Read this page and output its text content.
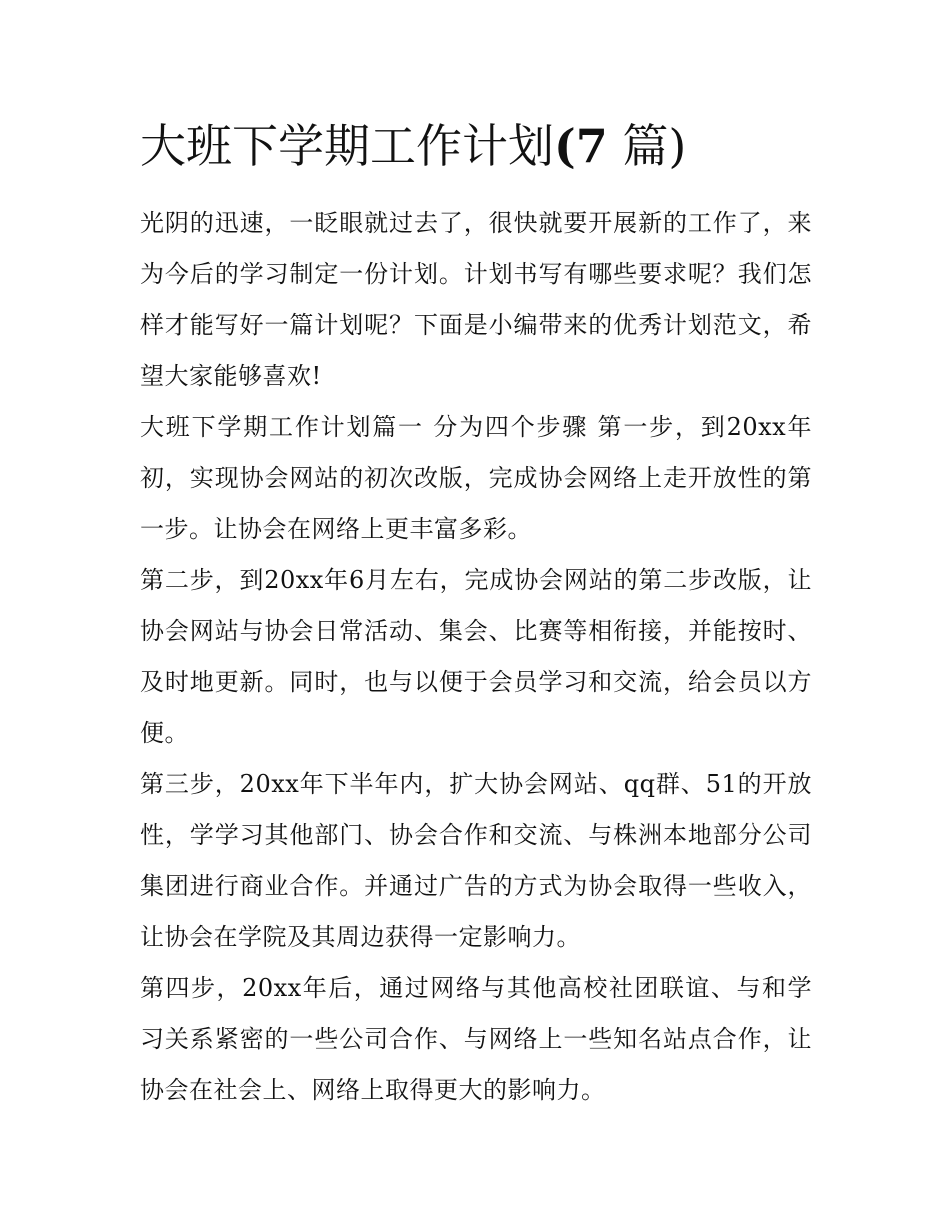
大班下学期工作计划(7 篇)

光阴的迅速，一眨眼就过去了，很快就要开展新的工作了，来为今后的学习制定一份计划。计划书写有哪些要求呢？我们怎样才能写好一篇计划呢？下面是小编带来的优秀计划范文，希望大家能够喜欢!

大班下学期工作计划篇一 分为四个步骤 第一步，到20xx年初，实现协会网站的初次改版，完成协会网络上走开放性的第一步。让协会在网络上更丰富多彩。

第二步，到20xx年6月左右，完成协会网站的第二步改版，让协会网站与协会日常活动、集会、比赛等相衔接，并能按时、及时地更新。同时，也与以便于会员学习和交流，给会员以方便。

第三步，20xx年下半年内，扩大协会网站、qq群、51的开放性，学学习其他部门、协会合作和交流、与株洲本地部分公司集团进行商业合作。并通过广告的方式为协会取得一些收入，让协会在学院及其周边获得一定影响力。

第四步，20xx年后，通过网络与其他高校社团联谊、与和学习关系紧密的一些公司合作、与网络上一些知名站点合作，让协会在社会上、网络上取得更大的影响力。
